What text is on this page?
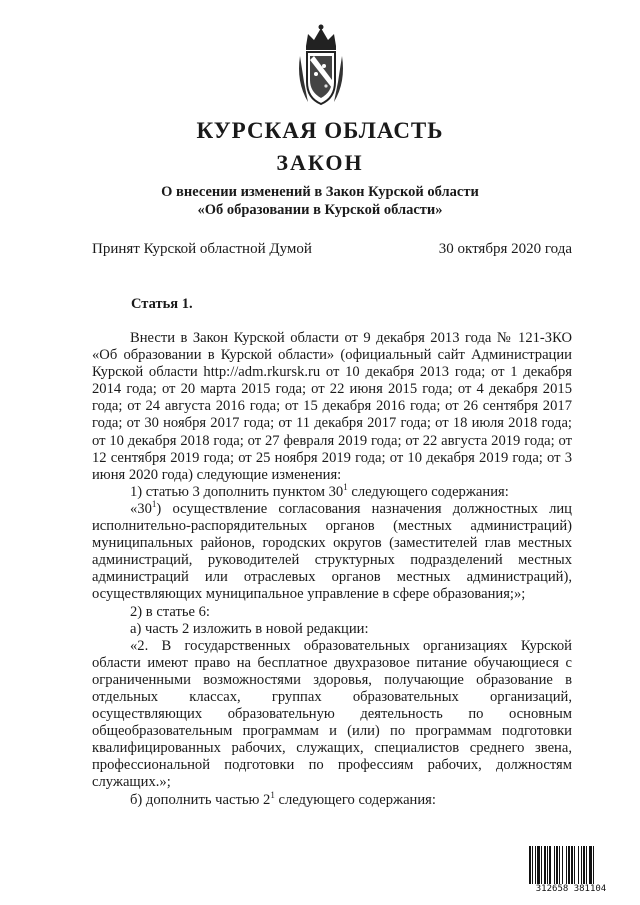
КУРСКАЯ ОБЛАСТЬ
ЗАКОН
О внесении изменений в Закон Курской области
«Об образовании в Курской области»
Принят Курской областной Думой	30 октября 2020 года
Статья 1.

Внести в Закон Курской области от 9 декабря 2013 года № 121-ЗКО «Об образовании в Курской области» (официальный сайт Администрации Курской области http://adm.rkursk.ru от 10 декабря 2013 года; от 1 декабря 2014 года; от 20 марта 2015 года; от 22 июня 2015 года; от 4 декабря 2015 года; от 24 августа 2016 года; от 15 декабря 2016 года; от 26 сентября 2017 года; от 30 ноября 2017 года; от 11 декабря 2017 года; от 18 июля 2018 года; от 10 декабря 2018 года; от 27 февраля 2019 года; от 22 августа 2019 года; от 12 сентября 2019 года; от 25 ноября 2019 года; от 10 декабря 2019 года; от 3 июня 2020 года) следующие изменения:

1) статью 3 дополнить пунктом $30^1$ следующего содержания:

«$30^1$) осуществление согласования назначения должностных лиц исполнительно-распорядительных органов (местных администраций) муниципальных районов, городских округов (заместителей глав местных администраций, руководителей структурных подразделений местных администраций или отраслевых органов местных администраций), осуществляющих муниципальное управление в сфере образования;»;

2) в статье 6:

а) часть 2 изложить в новой редакции:

«2. В государственных образовательных организациях Курской области имеют право на бесплатное двухразовое питание обучающиеся с ограниченными возможностями здоровья, получающие образование в отдельных классах, группах образовательных организаций, осуществляющих образовательную деятельность по основным общеобразовательным программам и (или) по программам подготовки квалифицированных рабочих, служащих, специалистов среднего звена, профессиональной подготовки по профессиям рабочих, должностям служащих.»;

б) дополнить частью $2^1$ следующего содержания:

312658 381104
